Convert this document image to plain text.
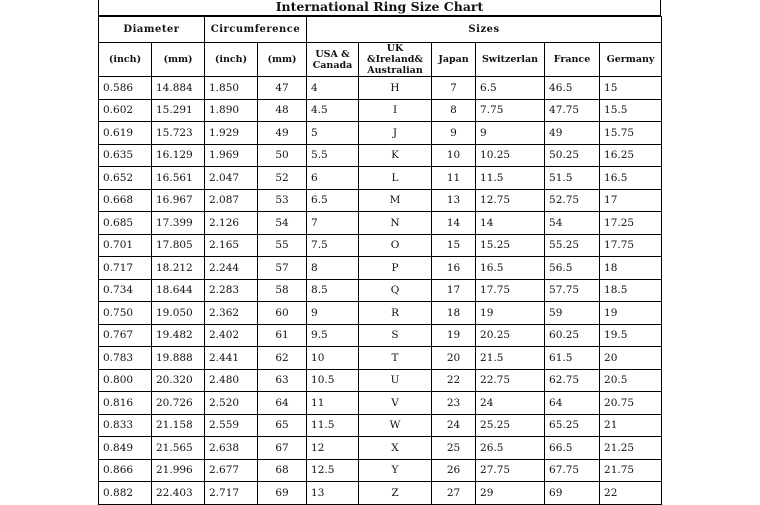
International Ring Size Chart
Diameter		Circumference		Sizes					
(inch)	(mm)	(inch)	(mm)	USA & Canada	UK &Ireland& Australian	Japan	Switzerlan	France	Germany
0.586	14.884	1.850	47	4	H	7	6.5	46.5	15
0.602	15.291	1.890	48	4.5	I	8	7.75	47.75	15.5
0.619	15.723	1.929	49	5	J	9	9	49	15.75
0.635	16.129	1.969	50	5.5	K	10	10.25	50.25	16.25
0.652	16.561	2.047	52	6	L	11	11.5	51.5	16.5
0.668	16.967	2.087	53	6.5	M	13	12.75	52.75	17
0.685	17.399	2.126	54	7	N	14	14	54	17.25
0.701	17.805	2.165	55	7.5	O	15	15.25	55.25	17.75
0.717	18.212	2.244	57	8	P	16	16.5	56.5	18
0.734	18.644	2.283	58	8.5	Q	17	17.75	57.75	18.5
0.750	19.050	2.362	60	9	R	18	19	59	19
0.767	19.482	2.402	61	9.5	S	19	20.25	60.25	19.5
0.783	19.888	2.441	62	10	T	20	21.5	61.5	20
0.800	20.320	2.480	63	10.5	U	22	22.75	62.75	20.5
0.816	20.726	2.520	64	11	V	23	24	64	20.75
0.833	21.158	2.559	65	11.5	W	24	25.25	65.25	21
0.849	21.565	2.638	67	12	X	25	26.5	66.5	21.25
0.866	21.996	2.677	68	12.5	Y	26	27.75	67.75	21.75
0.882	22.403	2.717	69	13	Z	27	29	69	22
